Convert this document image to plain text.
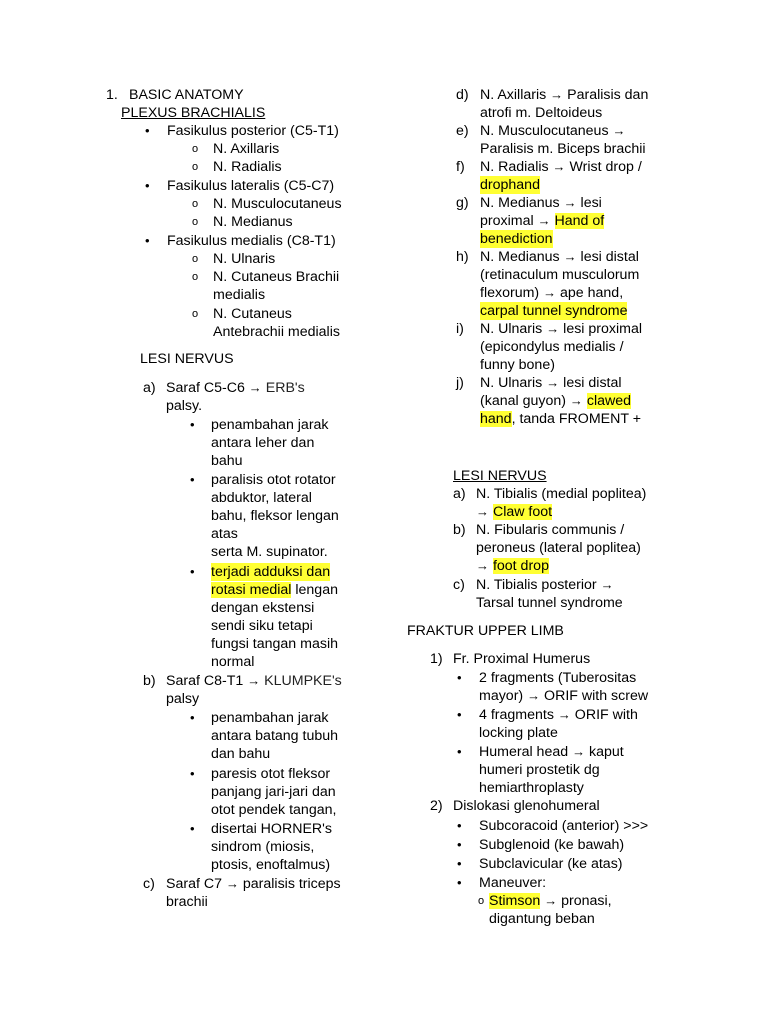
1. BASIC ANATOMY
PLEXUS BRACHIALIS
• Fasikulus posterior (C5-T1)
o N. Axillaris
o N. Radialis
• Fasikulus lateralis (C5-C7)
o N. Musculocutaneus
o N. Medianus
• Fasikulus medialis (C8-T1)
o N. Ulnaris
o N. Cutaneus Brachii
medialis
o N. Cutaneus
Antebrachii medialis
LESI NERVUS
a) Saraf C5-C6 → ERB's
palsy.
• penambahan jarak
antara leher dan
bahu
• paralisis otot rotator
abduktor, lateral
bahu, fleksor lengan
atas
serta M. supinator.
• terjadi adduksi dan
rotasi medial lengan
dengan ekstensi
sendi siku tetapi
fungsi tangan masih
normal
b) Saraf C8-T1 → KLUMPKE's
palsy
• penambahan jarak
antara batang tubuh
dan bahu
• paresis otot fleksor
panjang jari-jari dan
otot pendek tangan,
• disertai HORNER's
sindrom (miosis,
ptosis, enoftalmus)
c) Saraf C7 → paralisis triceps
brachii
d) N. Axillaris → Paralisis dan
atrofi m. Deltoideus
e) N. Musculocutaneus →
Paralisis m. Biceps brachii
f) N. Radialis → Wrist drop /
drophand
g) N. Medianus → lesi
proximal → Hand of
benediction
h) N. Medianus → lesi distal
(retinaculum musculorum
flexorum) → ape hand,
carpal tunnel syndrome
i) N. Ulnaris → lesi proximal
(epicondylus medialis /
funny bone)
j) N. Ulnaris → lesi distal
(kanal guyon) → clawed
hand, tanda FROMENT +
LESI NERVUS
a) N. Tibialis (medial poplitea)
→ Claw foot
b) N. Fibularis communis /
peroneus (lateral poplitea)
→ foot drop
c) N. Tibialis posterior →
Tarsal tunnel syndrome
FRAKTUR UPPER LIMB
1) Fr. Proximal Humerus
• 2 fragments (Tuberositas
mayor) → ORIF with screw
• 4 fragments → ORIF with
locking plate
• Humeral head → kaput
humeri prostetik dg
hemiarthroplasty
2) Dislokasi glenohumeral
• Subcoracoid (anterior) >>>
• Subglenoid (ke bawah)
• Subclavicular (ke atas)
• Maneuver:
o Stimson → pronasi,
digantung beban
